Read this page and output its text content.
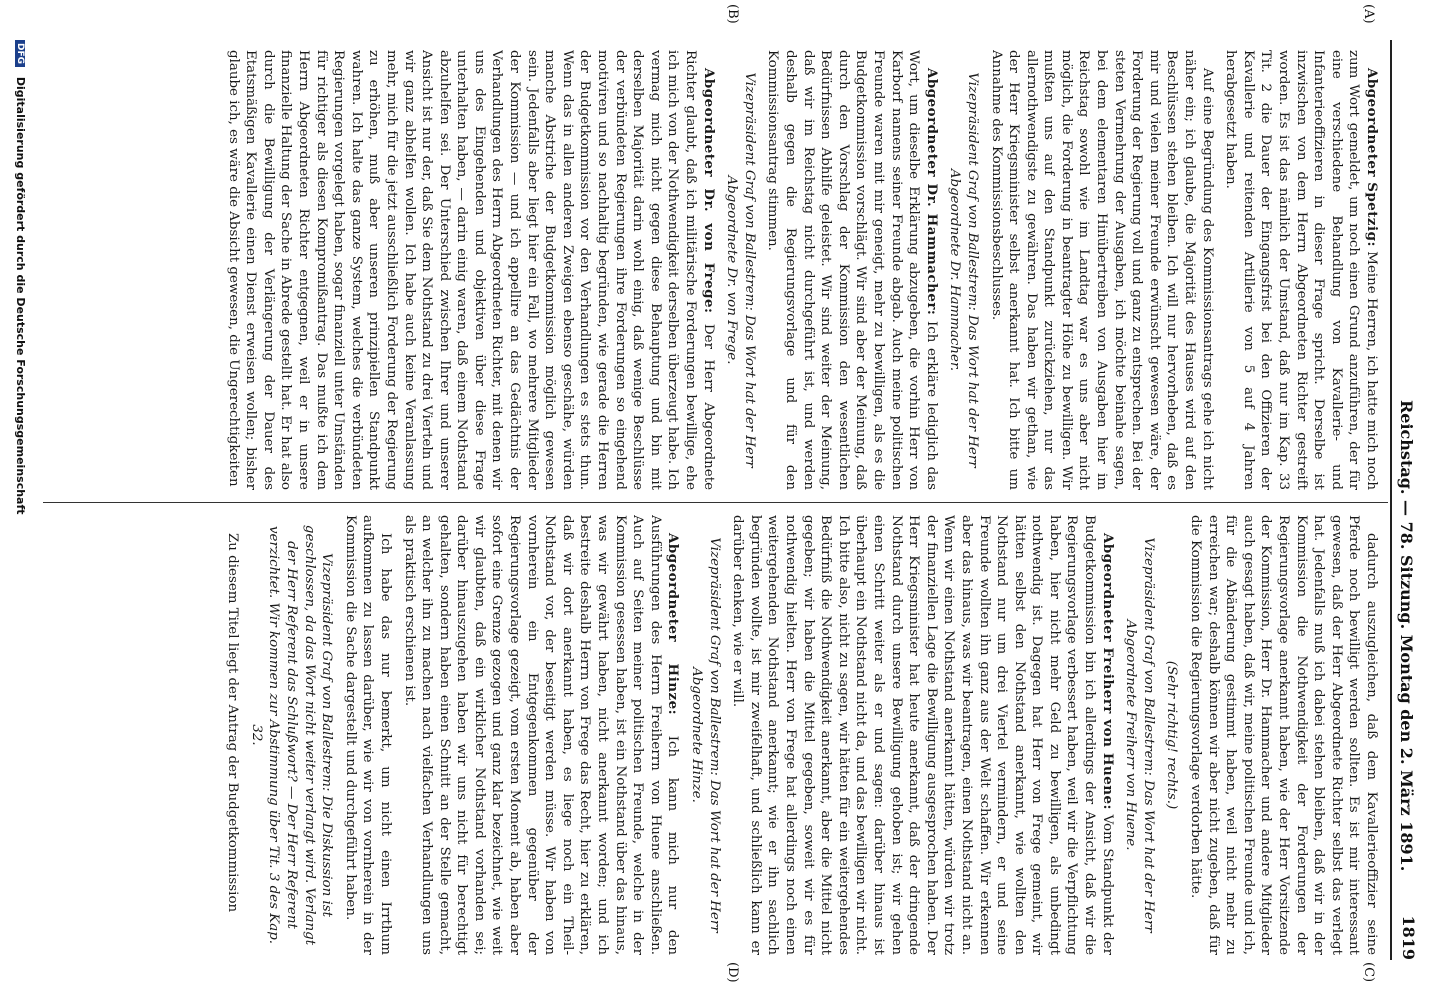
Reichstag. — 78. Sitzung. Montag den 2. März 1891.
1819
(A)
(B)
(C)
(D)

Abgeordneter Spetzig: Meine Herren, ich hatte mich noch zum Wort gemeldet, um noch einen Grund anzuführen, der für eine verschiedene Behandlung von Kavallerie- und Infanterieoffizieren in dieser Frage spricht. Derselbe ist inzwischen von dem Herrn Abgeordneten Richter gestreift worden. Es ist das nämlich der Umstand, daß nur im Kap. 33 Tit. 2 die Dauer der Eingangsfrist bei den Offizieren der Kavallerie und reitenden Artillerie von 5 auf 4 Jahren herabgesetzt haben.

Auf eine Begründung des Kommissionsantrags gehe ich nicht näher ein; ich glaube, die Majorität des Hauses wird auf den Beschlüssen stehen bleiben. Ich will nur hervorheben, daß es mir und vielen meiner Freunde erwünscht gewesen wäre, der Forderung der Regierung voll und ganz zu entsprechen. Bei der steten Vermehrung der Ausgaben, ich möchte beinahe sagen, bei dem elementaren Hinübertreiben von Ausgaben hier im Reichstag sowohl wie im Landtag war es uns aber nicht möglich, die Forderung in beantragter Höhe zu bewilligen. Wir mußten uns auf den Standpunkt zurückziehen, nur das allernothwendigste zu gewähren. Das haben wir gethan, wie der Herr Kriegsminister selbst anerkannt hat. Ich bitte um Annahme des Kommissionsbeschlusses.

Vizepräsident Graf von Ballestrem: Das Wort hat der Herr Abgeordnete Dr. Hammacher.

Abgeordneter Dr. Hammacher: Ich erkläre lediglich das Wort, um dieselbe Erklärung abzugeben, die vorhin Herr von Karborf namens seiner Freunde abgab. Auch meine politischen Freunde waren mit mir geneigt, mehr zu bewilligen, als es die Budgetkommission vorschlägt. Wir sind aber der Meinung, daß durch den Vorschlag der Kommission den wesentlichen Bedürfnissen Abhilfe geleistet. Wir sind weiter der Meinung, daß wir im Reichstag nicht durchgeführt ist, und werden deshalb gegen die Regierungsvorlage und für den Kommissionsantrag stimmen.

Vizepräsident Graf von Ballestrem: Das Wort hat der Herr Abgeordnete Dr. von Frege.

Abgeordneter Dr. von Frege: Der Herr Abgeordnete Richter glaubt, daß ich militärische Forderungen bewillige, ehe ich mich von der Nothwendigkeit derselben überzeugt habe. Ich vermag mich nicht gegen diese Behauptung und bin mit derselben Majorität darin wohl einig, daß wenige Beschlüsse der verbündeten Regierungen ihre Forderungen so eingehend motiviren und so nachhaltig begründen, wie gerade die Herren der Budgetkommission vor den Verhandlungen es stets thun. Wenn das in allen anderen Zweigen ebenso geschähe, würden manche Abstriche der Budgetkommission möglich gewesen sein. Jedenfalls aber liegt hier ein Fall, wo mehrere Mitglieder der Kommission — und ich appellire an das Gedächtnis der Verhandlungen des Herrn Abgeordneten Richter, mit denen wir uns des Eingehenden und objektiven über diese Frage unterhalten haben, — darin einig waren, daß einem Nothstand abzuhelfen sei. Der Unterschied zwischen Ihrer und unserer Ansicht ist nur der, daß Sie dem Nothstand zu drei Vierteln und wir ganz abhelfen wollen. Ich habe auch keine Veranlassung mehr, mich für die jetzt ausschließlich Forderung der Regierung zu erhöhen, muß aber unseren prinzipiellen Standpunkt wahren. Ich halte das ganze System, welches die verbündeten Regierungen vorgelegt haben, sogar finanziell unter Umständen für richtiger als diesen Kompromißantrag. Das mußte ich dem Herrn Abgeordneten Richter entgegnen, weil er in unsere finanzielle Haltung der Sache in Abrede gestellt hat. Er hat also durch die Bewilligung der Verlängerung der Dauer des Etatsmäßigen Kavallerie einen Dienst erweisen wollen; bisher glaube ich, es wäre die Absicht gewesen, die Ungerechtigkeiten

dadurch auszugleichen, daß dem Kavallerieoffizier seine Pferde noch bewilligt werden sollten. Es ist mir interessant gewesen, daß der Herr Abgeordnete Richter selbst das verlegt hat. Jedenfalls muß ich dabei stehen bleiben, daß wir in der Kommission die Nothwendigkeit der Forderungen der Regierungsvorlage anerkannt haben, wie der Herr Vorsitzende der Kommission, Herr Dr. Hammacher und andere Mitglieder auch gesagt haben, daß wir, meine politischen Freunde und ich, für die Abänderung gestimmt haben, weil nicht mehr zu erreichen war; deshalb können wir aber nicht zugeben, daß für die Kommission die Regierungsvorlage verdorben hätte.

(Sehr richtig! rechts.)

Vizepräsident Graf von Ballestrem: Das Wort hat der Herr Abgeordnete Freiherr von Huene.

Abgeordneter Freiherr von Huene: Vom Standpunkt der Budgetkommission bin ich allerdings der Ansicht, daß wir die Regierungsvorlage verbessert haben, weil wir die Verpflichtung haben, hier nicht mehr Geld zu bewilligen, als unbedingt nothwendig ist. Dagegen hat Herr von Frege gemeint, wir hätten selbst den Nothstand anerkannt, wie wollten den Nothstand nur um drei Viertel vermindern, er und seine Freunde wollten ihn ganz aus der Welt schaffen. Wir erkennen aber das hinaus, was wir beantragen, einen Nothstand nicht an. Wenn wir einen Nothstand anerkannt hätten, würden wir trotz der finanziellen Lage die Bewilligung ausgesprochen haben. Der Herr Kriegsminister hat heute anerkannt, daß der dringende Nothstand durch unsere Bewilligung gehoben ist; wir gehen einen Schritt weiter als er und sagen: darüber hinaus ist überhaupt ein Nothstand nicht da, und das bewilligen wir nicht. Ich bitte also, nicht zu sagen, wir hätten für ein weitergehendes Bedürfniß die Nothwendigkeit anerkannt, aber die Mittel nicht gegeben; wir haben die Mittel gegeben, soweit wir es für nothwendig hielten. Herr von Frege hat allerdings noch einen weitergehenden Nothstand anerkannt; wie er ihn sachlich begründen wollte, ist mir zweifelhaft, und schließlich kann er darüber denken, wie er will.

Vizepräsident Graf von Ballestrem: Das Wort hat der Herr Abgeordnete Hinze.

Abgeordneter Hinze: Ich kann mich nur den Ausführungen des Herrn Freiherrn von Huene anschließen. Auch auf Seiten meiner politischen Freunde, welche in der Kommission gesessen haben, ist ein Nothstand über das hinaus, was wir gewährt haben, nicht anerkannt worden; und ich bestreite deshalb Herrn von Frege das Recht, hier zu erklären, daß wir dort anerkannt haben, es liege noch ein Theil-Nothstand vor, der beseitigt werden müsse. Wir haben von vornherein ein Entgegenkommen gegenüber der Regierungsvorlage gezeigt, vom ersten Moment ab, haben aber sofort eine Grenze gezogen und ganz klar bezeichnet, wie weit wir glaubten, daß ein wirklicher Nothstand vorhanden sei; darüber hinauszugehen haben wir uns nicht für berechtigt gehalten, sondern haben einen Schnitt an der Stelle gemacht, an welcher ihn zu machen nach vielfachen Verhandlungen uns als praktisch erschienen ist.

Ich habe das nur bemerkt, um nicht einen Irrthum aufkommen zu lassen darüber, wie wir von vornherein in der Kommission die Sache dargestellt und durchgeführt haben.

Vizepräsident Graf von Ballestrem: Die Diskussion ist geschlossen, da das Wort nicht weiter verlangt wird. Verlangt der Herr Referent das Schlußwort? — Der Herr Referent verzichtet. Wir kommen zur Abstimmung über Tit. 3 des Kap. 32.

Zu diesem Titel liegt der Antrag der Budgetkommission

DFG Digitalisierung gefördert durch die Deutsche Forschungsgemeinschaft
